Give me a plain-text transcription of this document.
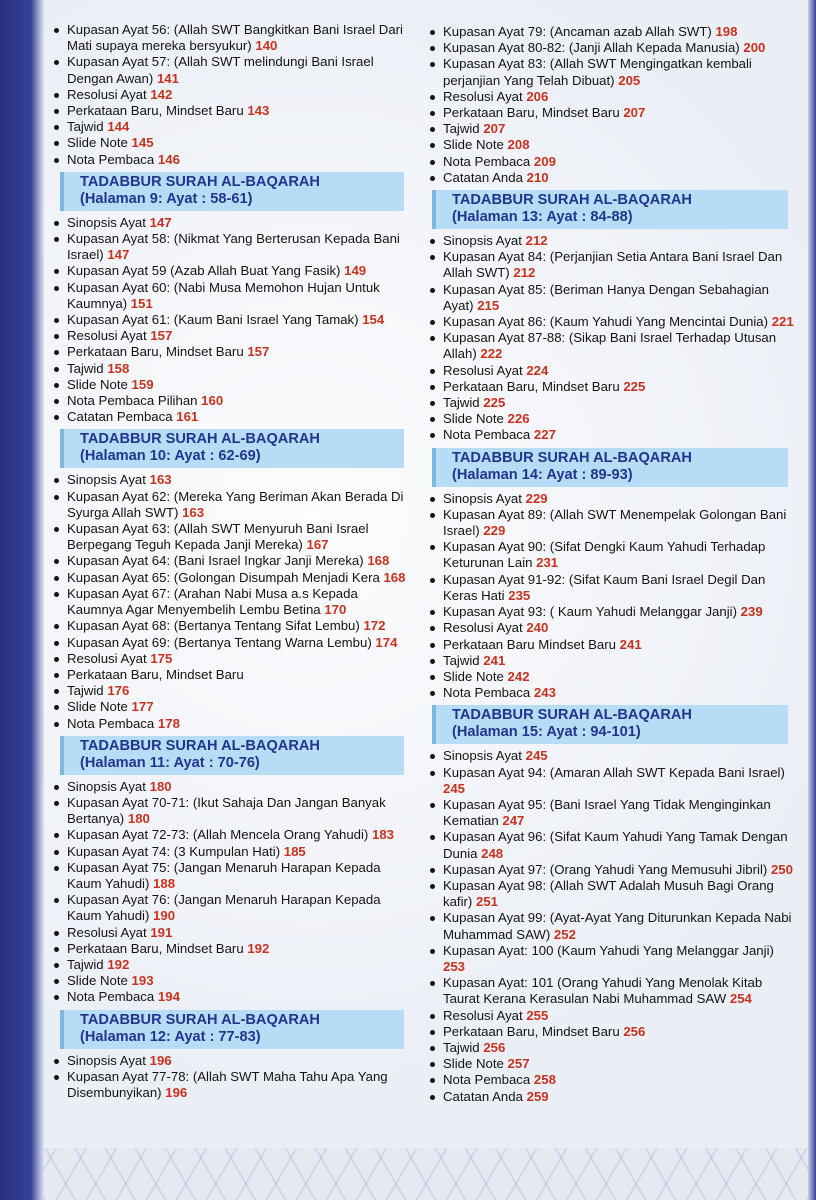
Kupasan Ayat 56: (Allah SWT Bangkitkan Bani Israel Dari Mati supaya mereka bersyukur) 140
Kupasan Ayat 57: (Allah SWT melindungi Bani Israel Dengan Awan) 141
Resolusi Ayat 142
Perkataan Baru, Mindset Baru 143
Tajwid 144
Slide Note 145
Nota Pembaca 146
TADABBUR SURAH AL-BAQARAH
(Halaman 9: Ayat : 58-61)
Sinopsis Ayat 147
Kupasan Ayat 58: (Nikmat Yang Berterusan Kepada Bani Israel) 147
Kupasan Ayat 59 (Azab Allah Buat Yang Fasik) 149
Kupasan Ayat 60: (Nabi Musa Memohon Hujan Untuk Kaumnya) 151
Kupasan Ayat 61: (Kaum Bani Israel Yang Tamak) 154
Resolusi Ayat 157
Perkataan Baru, Mindset Baru 157
Tajwid 158
Slide Note 159
Nota Pembaca Pilihan 160
Catatan Pembaca 161
TADABBUR SURAH AL-BAQARAH
(Halaman 10: Ayat : 62-69)
Sinopsis Ayat 163
Kupasan Ayat 62: (Mereka Yang Beriman Akan Berada Di Syurga Allah SWT) 163
Kupasan Ayat 63: (Allah SWT Menyuruh Bani Israel Berpegang Teguh Kepada Janji Mereka) 167
Kupasan Ayat 64: (Bani Israel Ingkar Janji Mereka) 168
Kupasan Ayat 65: (Golongan Disumpah Menjadi Kera 168
Kupasan Ayat 67: (Arahan Nabi Musa a.s Kepada Kaumnya Agar Menyembelih Lembu Betina 170
Kupasan Ayat 68: (Bertanya Tentang Sifat Lembu) 172
Kupasan Ayat 69: (Bertanya Tentang Warna Lembu) 174
Resolusi Ayat 175
Perkataan Baru, Mindset Baru
Tajwid 176
Slide Note 177
Nota Pembaca 178
TADABBUR SURAH AL-BAQARAH
(Halaman 11: Ayat : 70-76)
Sinopsis Ayat 180
Kupasan Ayat 70-71: (Ikut Sahaja Dan Jangan Banyak Bertanya) 180
Kupasan Ayat 72-73: (Allah Mencela Orang Yahudi) 183
Kupasan Ayat 74: (3 Kumpulan Hati) 185
Kupasan Ayat 75: (Jangan Menaruh Harapan Kepada Kaum Yahudi) 188
Kupasan Ayat 76: (Jangan Menaruh Harapan Kepada Kaum Yahudi) 190
Resolusi Ayat 191
Perkataan Baru, Mindset Baru 192
Tajwid 192
Slide Note 193
Nota Pembaca 194
TADABBUR SURAH AL-BAQARAH
(Halaman 12: Ayat : 77-83)
Sinopsis Ayat 196
Kupasan Ayat 77-78: (Allah SWT Maha Tahu Apa Yang Disembunyikan) 196
Kupasan Ayat 79: (Ancaman azab Allah SWT) 198
Kupasan Ayat 80-82: (Janji Allah Kepada Manusia) 200
Kupasan Ayat 83: (Allah SWT Mengingatkan kembali perjanjian Yang Telah Dibuat) 205
Resolusi Ayat 206
Perkataan Baru, Mindset Baru 207
Tajwid 207
Slide Note 208
Nota Pembaca 209
Catatan Anda 210
TADABBUR SURAH AL-BAQARAH
(Halaman 13: Ayat : 84-88)
Sinopsis Ayat 212
Kupasan Ayat 84: (Perjanjian Setia Antara Bani Israel Dan Allah SWT) 212
Kupasan Ayat 85: (Beriman Hanya Dengan Sebahagian Ayat) 215
Kupasan Ayat 86: (Kaum Yahudi Yang Mencintai Dunia) 221
Kupasan Ayat 87-88: (Sikap Bani Israel Terhadap Utusan Allah) 222
Resolusi Ayat 224
Perkataan Baru, Mindset Baru 225
Tajwid 225
Slide Note 226
Nota Pembaca 227
TADABBUR SURAH AL-BAQARAH
(Halaman 14: Ayat : 89-93)
Sinopsis Ayat 229
Kupasan Ayat 89: (Allah SWT Menempelak Golongan Bani Israel) 229
Kupasan Ayat 90: (Sifat Dengki Kaum Yahudi Terhadap Keturunan Lain 231
Kupasan Ayat 91-92: (Sifat Kaum Bani Israel Degil Dan Keras Hati 235
Kupasan Ayat 93: ( Kaum Yahudi Melanggar Janji) 239
Resolusi Ayat 240
Perkataan Baru Mindset Baru 241
Tajwid 241
Slide Note 242
Nota Pembaca 243
TADABBUR SURAH AL-BAQARAH
(Halaman 15: Ayat : 94-101)
Sinopsis Ayat 245
Kupasan Ayat 94: (Amaran Allah SWT Kepada Bani Israel) 245
Kupasan Ayat 95: (Bani Israel Yang Tidak Menginginkan Kematian 247
Kupasan Ayat 96: (Sifat Kaum Yahudi Yang Tamak Dengan Dunia 248
Kupasan Ayat 97: (Orang Yahudi Yang Memusuhi Jibril) 250
Kupasan Ayat 98: (Allah SWT Adalah Musuh Bagi Orang kafir) 251
Kupasan Ayat 99: (Ayat-Ayat Yang Diturunkan Kepada Nabi Muhammad SAW) 252
Kupasan Ayat: 100 (Kaum Yahudi Yang Melanggar Janji) 253
Kupasan Ayat: 101 (Orang Yahudi Yang Menolak Kitab Taurat Kerana Kerasulan Nabi Muhammad SAW 254
Resolusi Ayat 255
Perkataan Baru, Mindset Baru 256
Tajwid 256
Slide Note 257
Nota Pembaca 258
Catatan Anda 259
